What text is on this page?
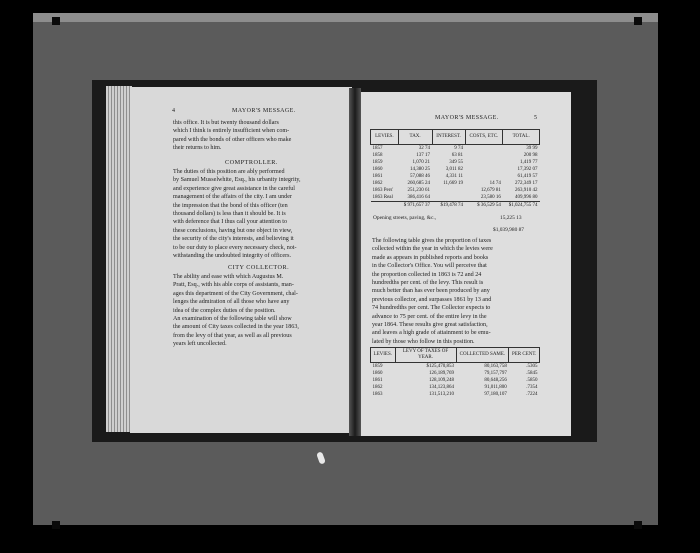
4	MAYOR'S MESSAGE.
this office. It is but twenty thousand dollars
which I think is entirely insufficient when com-
pared with the bonds of other officers who make
their returns to him.
COMPTROLLER.
The duties of this position are ably performed
by Samuel Musselwhite, Esq., his urbanity integrity,
and experience give great assistance in the careful
management of the affairs of the city. I am under
the impression that the bond of this officer (ten
thousand dollars) is less than it should be. It is
with deference that I thus call your attention to
these conclusions, having but one object in view,
the security of the city's interests, and believing it
to be our duty to place every necessary check, not-
withstanding the undoubted integrity of officers.
CITY COLLECTOR.
The ability and ease with which Augustus M.
Pratt, Esq., with his able corps of assistants, man-
ages this department of the City Government, chal-
lenges the admiration of all those who have any
idea of the complex duties of the position.
An examination of the following table will show
the amount of City taxes collected in the year 1863,
from the levy of that year, as well as all previous
years left uncollected.
MAYOR'S MESSAGE.	5
LEVIES.	TAX.	INTEREST.	COSTS, ETC.	TOTAL.
1857	32 74	9 74		39 99
1858	137 17	63 81		200 98
1859	1,070 21	349 55		1,419 77
1860	14,380 25	3,011 82		17,392 07
1861	57,088 46	4,331 11		61,419 57
1862	260,685 24	11,669 19	14 74	272,349 17
1863 Pers'	251,230 61		12,679 81	263,910 42
1863 Real	386,416 64		23,580 16	409,996 80
	$ 971,657 37	$19,478 74	$ 36,529 54	$1,024,755 74
Opening streets, paving, &c.,	15,225 13
$1,039,980 87
The following table gives the proportion of taxes
collected within the year in which the levies were
made as appears in published reports and books
in the Collector's Office. You will perceive that
the proportion collected in 1863 is 72 and 24
hundredths per cent. of the levy. This result is
much better than has ever been produced by any
previous collector, and surpasses 1861 by 13 and
74 hundredths per cent. The Collector expects to
advance to 75 per cent. of the entire levy in the
year 1864. These results give great satisfaction,
and leaves a high grade of attainment to be emu-
lated by those who follow in this position.
LEVIES.	LEVY OF TAXES OF YEAR.	COLLECTED SAME.	PER CENT.
1859	$125,470,853	80,163,758	.5305
1860	126,189,769	79,157,797	.5845
1861	128,109,248	80,648,256	.5850
1862	134,123,864	91,011,800	.7354
1863	131,513,210	97,180,107	.7224
